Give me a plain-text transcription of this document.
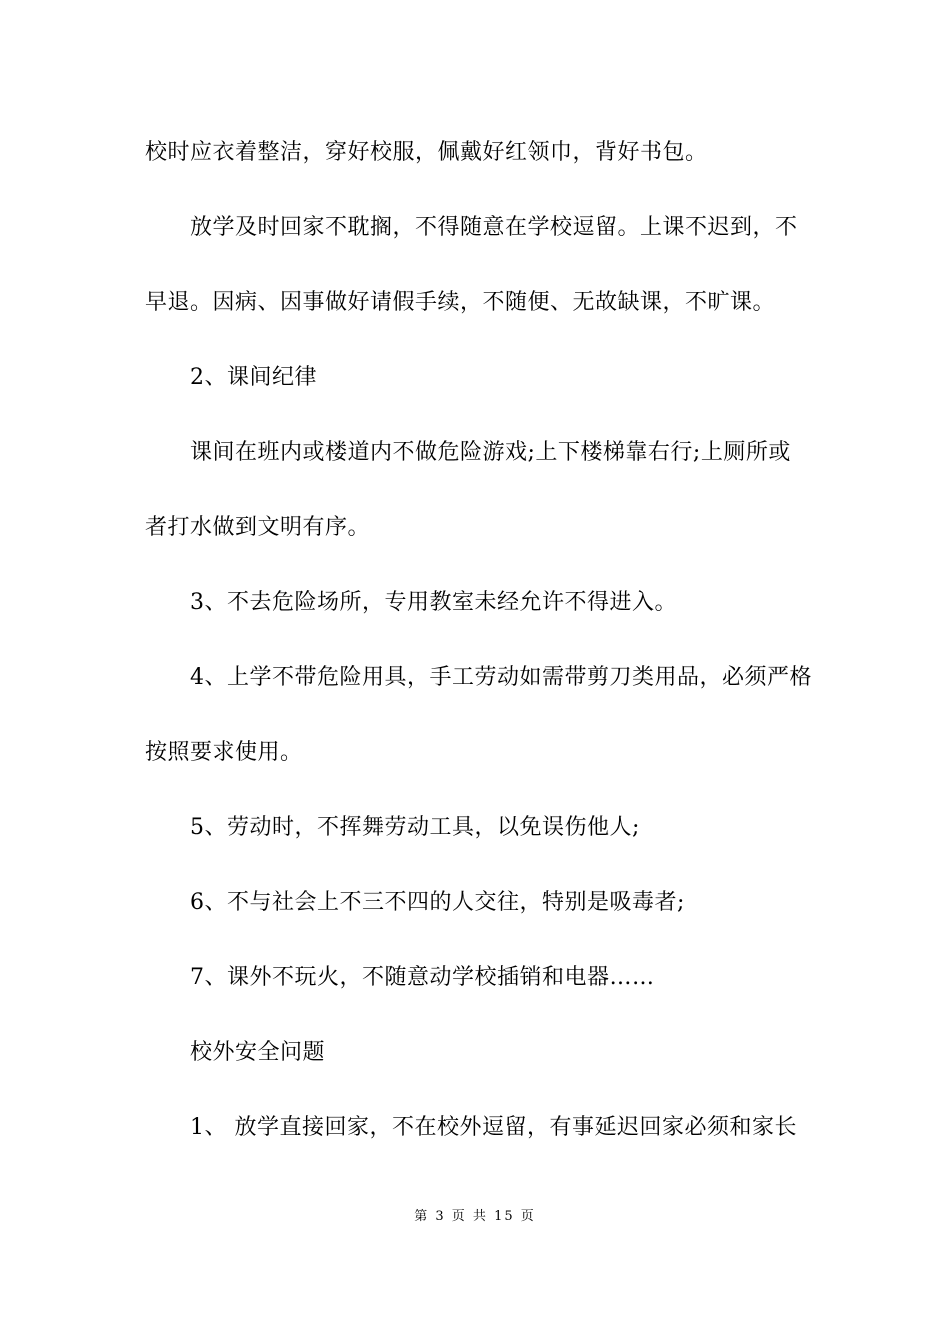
校时应衣着整洁，穿好校服，佩戴好红领巾，背好书包。

放学及时回家不耽搁，不得随意在学校逗留。上课不迟到，不

早退。因病、因事做好请假手续，不随便、无故缺课，不旷课。

2、课间纪律

课间在班内或楼道内不做危险游戏;上下楼梯靠右行;上厕所或

者打水做到文明有序。

3、不去危险场所，专用教室未经允许不得进入。

4、上学不带危险用具，手工劳动如需带剪刀类用品，必须严格

按照要求使用。

5、劳动时，不挥舞劳动工具，以免误伤他人;

6、不与社会上不三不四的人交往，特别是吸毒者;

7、课外不玩火，不随意动学校插销和电器……

校外安全问题

1、 放学直接回家，不在校外逗留，有事延迟回家必须和家长

第 3 页 共 15 页
